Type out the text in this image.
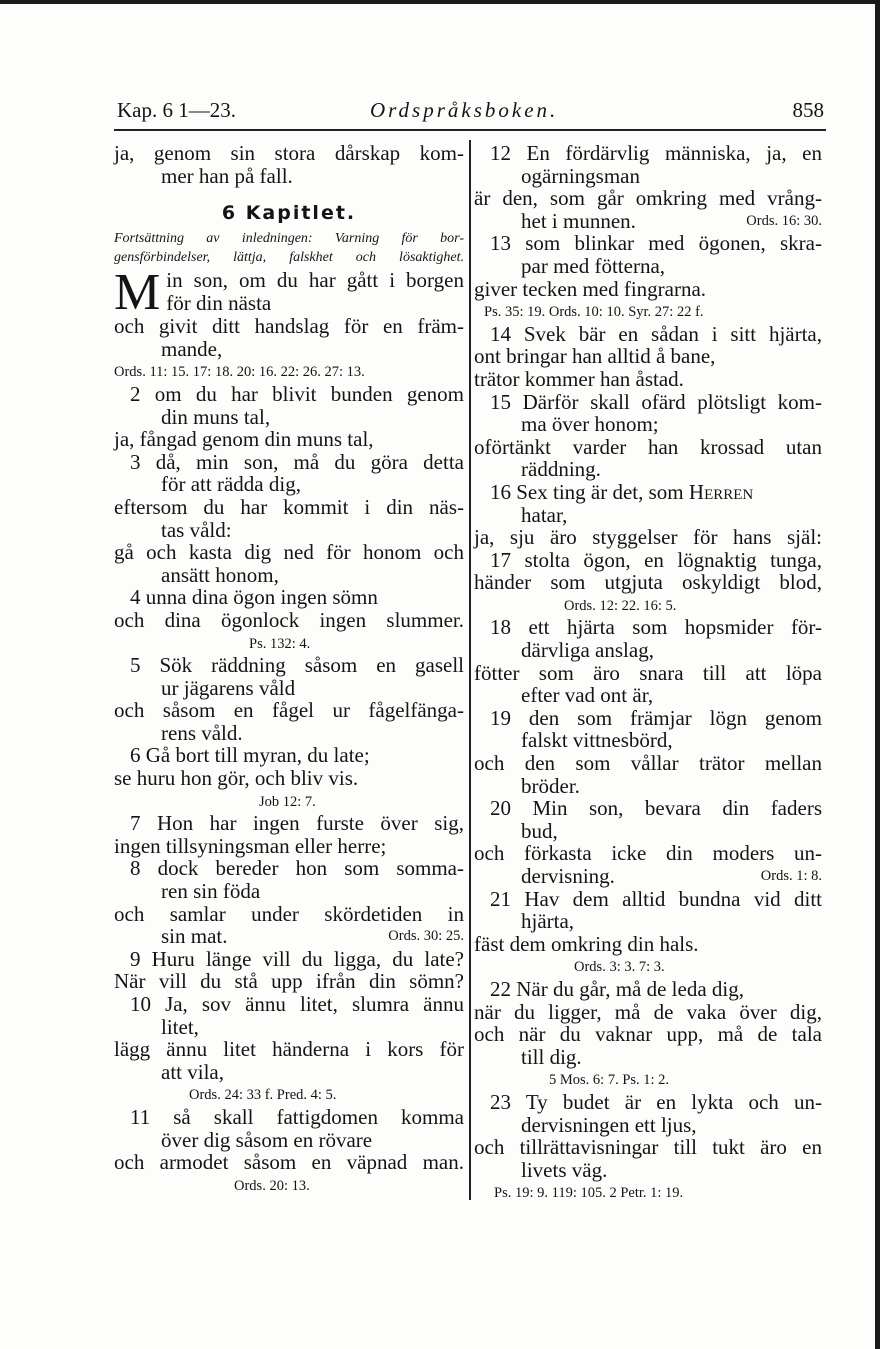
Kap. 6 1—23.	Ordspråksboken.	858
ja, genom sin stora dårskap kom-
mer han på fall.
6 Kapitlet.
Fortsättning av inledningen: Varning för bor-
gensförbindelser, lättja, falskhet och lösaktighet.
M in son, om du har gått i borgen
för din nästa
och givit ditt handslag för en främ-
mande,
Ords. 11: 15. 17: 18. 20: 16. 22: 26. 27: 13.
2 om du har blivit bunden genom
din muns tal,
ja, fångad genom din muns tal,
3 då, min son, må du göra detta
för att rädda dig,
eftersom du har kommit i din näs-
tas våld:
gå och kasta dig ned för honom och
ansätt honom,
4 unna dina ögon ingen sömn
och dina ögonlock ingen slummer.
Ps. 132: 4.
5 Sök räddning såsom en gasell
ur jägarens våld
och såsom en fågel ur fågelfänga-
rens våld.
6 Gå bort till myran, du late;
se huru hon gör, och bliv vis.
Job 12: 7.
7 Hon har ingen furste över sig,
ingen tillsyningsman eller herre;
8 dock bereder hon som somma-
ren sin föda
och samlar under skördetiden in
sin mat.	Ords. 30: 25.
9 Huru länge vill du ligga, du late?
När vill du stå upp ifrån din sömn?
10 Ja, sov ännu litet, slumra ännu
litet,
lägg ännu litet händerna i kors för
att vila,
Ords. 24: 33 f. Pred. 4: 5.
11 så skall fattigdomen komma
över dig såsom en rövare
och armodet såsom en väpnad man.
Ords. 20: 13.
12 En fördärvlig människa, ja, en
ogärningsman
är den, som går omkring med vrång-
het i munnen.	Ords. 16: 30.
13 som blinkar med ögonen, skra-
par med fötterna,
giver tecken med fingrarna.
Ps. 35: 19. Ords. 10: 10. Syr. 27: 22 f.
14 Svek bär en sådan i sitt hjärta,
ont bringar han alltid å bane,
trätor kommer han åstad.
15 Därför skall ofärd plötsligt kom-
ma över honom;
oförtänkt varder han krossad utan
räddning.
16 Sex ting är det, som Herren
hatar,
ja, sju äro styggelser för hans själ:
17 stolta ögon, en lögnaktig tunga,
händer som utgjuta oskyldigt blod,
Ords. 12: 22. 16: 5.
18 ett hjärta som hopsmider för-
därvliga anslag,
fötter som äro snara till att löpa
efter vad ont är,
19 den som främjar lögn genom
falskt vittnesbörd,
och den som vållar trätor mellan
bröder.
20 Min son, bevara din faders
bud,
och förkasta icke din moders un-
dervisning.	Ords. 1: 8.
21 Hav dem alltid bundna vid ditt
hjärta,
fäst dem omkring din hals.
Ords. 3: 3. 7: 3.
22 När du går, må de leda dig,
när du ligger, må de vaka över dig,
och när du vaknar upp, må de tala
till dig.
5 Mos. 6: 7. Ps. 1: 2.
23 Ty budet är en lykta och un-
dervisningen ett ljus,
och tillrättavisningar till tukt äro en
livets väg.
Ps. 19: 9. 119: 105. 2 Petr. 1: 19.
